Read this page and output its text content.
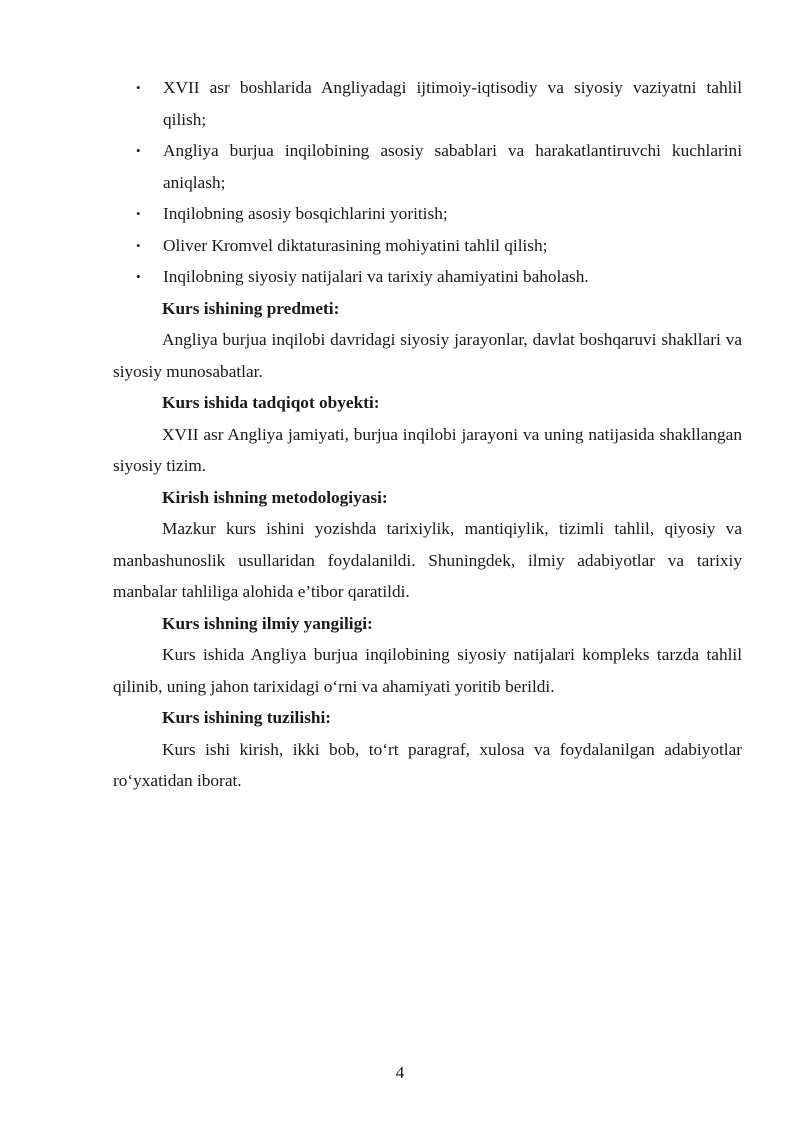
• XVII asr boshlarida Angliyadagi ijtimoiy-iqtisodiy va siyosiy vaziyatni tahlil qilish;
• Angliya burjua inqilobining asosiy sabablari va harakatlantiruvchi kuchlarini aniqlash;
• Inqilobning asosiy bosqichlarini yoritish;
• Oliver Kromvel diktaturasining mohiyatini tahlil qilish;
• Inqilobning siyosiy natijalari va tarixiy ahamiyatini baholash.

Kurs ishining predmeti:

Angliya burjua inqilobi davridagi siyosiy jarayonlar, davlat boshqaruvi shakllari va siyosiy munosabatlar.

Kurs ishida tadqiqot obyekti:

XVII asr Angliya jamiyati, burjua inqilobi jarayoni va uning natijasida shakllangan siyosiy tizim.

Kirish ishning metodologiyasi:

Mazkur kurs ishini yozishda tarixiylik, mantiqiylik, tizimli tahlil, qiyosiy va manbashunoslik usullaridan foydalanildi. Shuningdek, ilmiy adabiyotlar va tarixiy manbalar tahliliga alohida e’tibor qaratildi.

Kurs ishning ilmiy yangiligi:

Kurs ishida Angliya burjua inqilobining siyosiy natijalari kompleks tarzda tahlil qilinib, uning jahon tarixidagi o‘rni va ahamiyati yoritib berildi.

Kurs ishining tuzilishi:

Kurs ishi kirish, ikki bob, to‘rt paragraf, xulosa va foydalanilgan adabiyotlar ro‘yxatidan iborat.

4
